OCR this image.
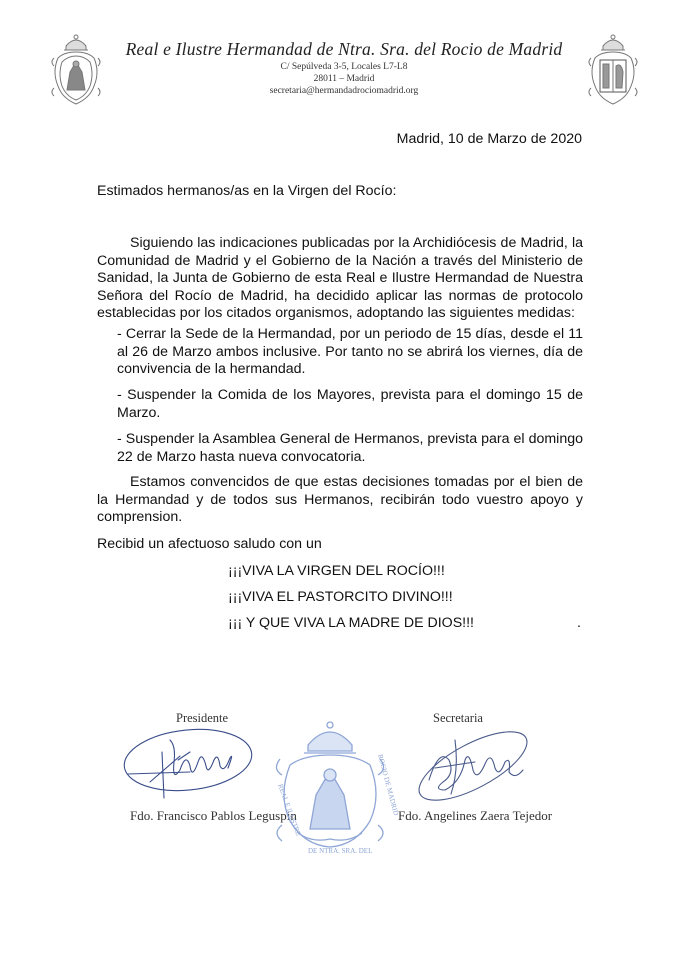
Real e Ilustre Hermandad de Ntra. Sra. del Rocio de Madrid
C/ Sepúlveda 3-5, Locales L7-L8
28011 – Madrid
secretaria@hermandadrociomadrid.org
Madrid, 10 de Marzo de 2020
Estimados hermanos/as en la Virgen del Rocío:
Siguiendo las indicaciones publicadas por la Archidiócesis de Madrid, la Comunidad de Madrid y el Gobierno de la Nación a través del Ministerio de Sanidad, la Junta de Gobierno de esta Real e Ilustre Hermandad de Nuestra Señora del Rocío de Madrid, ha decidido aplicar las normas de protocolo establecidas por los citados organismos, adoptando las siguientes medidas:
- Cerrar la Sede de la Hermandad, por un periodo de 15 días, desde el 11 al 26 de Marzo ambos inclusive. Por tanto no se abrirá los viernes, día de convivencia de la hermandad.
- Suspender la Comida de los Mayores, prevista para el domingo 15 de Marzo.
- Suspender la Asamblea General de Hermanos, prevista para el domingo 22 de Marzo hasta nueva convocatoria.
Estamos convencidos de que estas decisiones tomadas por el bien de la Hermandad y de todos sus Hermanos, recibirán todo vuestro apoyo y comprension.
Recibid un afectuoso saludo con un
¡¡¡VIVA LA VIRGEN DEL ROCÍO!!!
¡¡¡VIVA EL PASTORCITO DIVINO!!!
¡¡¡ Y QUE VIVA LA MADRE DE DIOS!!!	.
Presidente
Fdo. Francisco Pablos Leguspin
REAL E ILUSTRE	ROCIO DE MADRID
DE NTRA. SRA. DEL
Secretaria
Fdo. Angelines Zaera Tejedor
